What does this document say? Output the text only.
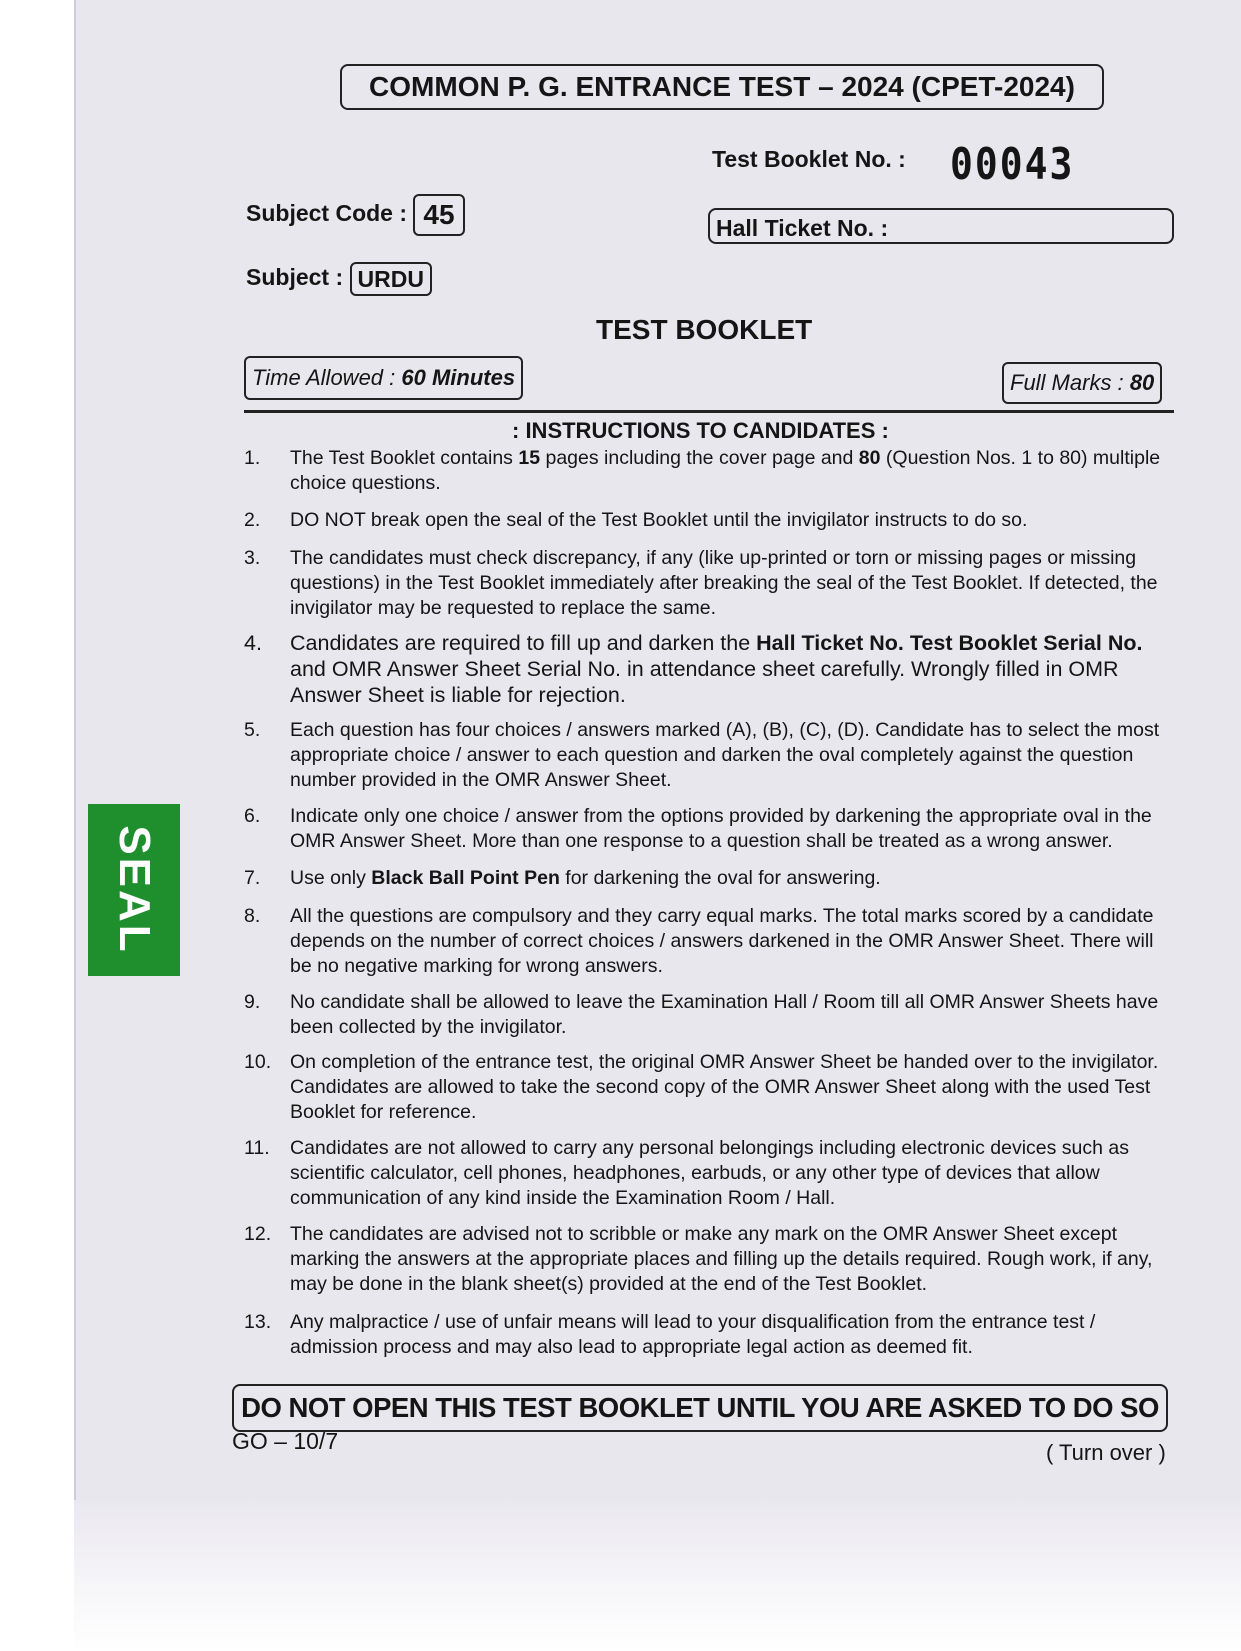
COMMON P. G. ENTRANCE TEST – 2024 (CPET-2024)
Test Booklet No. : 00043
Subject Code : 45	Hall Ticket No. :
Subject : URDU
TEST BOOKLET
Time Allowed : 60 Minutes	Full Marks : 80
: INSTRUCTIONS TO CANDIDATES :
SEAL
1.	The Test Booklet contains 15 pages including the cover page and 80 (Question Nos. 1 to 80) multiple choice questions.
2.	DO NOT break open the seal of the Test Booklet until the invigilator instructs to do so.
3.	The candidates must check discrepancy, if any (like up-printed or torn or missing pages or missing questions) in the Test Booklet immediately after breaking the seal of the Test Booklet. If detected, the invigilator may be requested to replace the same.
4.	Candidates are required to fill up and darken the Hall Ticket No. Test Booklet Serial No. and OMR Answer Sheet Serial No. in attendance sheet carefully. Wrongly filled in OMR Answer Sheet is liable for rejection.
5.	Each question has four choices / answers marked (A), (B), (C), (D). Candidate has to select the most appropriate choice / answer to each question and darken the oval completely against the question number provided in the OMR Answer Sheet.
6.	Indicate only one choice / answer from the options provided by darkening the appropriate oval in the OMR Answer Sheet. More than one response to a question shall be treated as a wrong answer.
7.	Use only Black Ball Point Pen for darkening the oval for answering.
8.	All the questions are compulsory and they carry equal marks. The total marks scored by a candidate depends on the number of correct choices / answers darkened in the OMR Answer Sheet. There will be no negative marking for wrong answers.
9.	No candidate shall be allowed to leave the Examination Hall / Room till all OMR Answer Sheets have been collected by the invigilator.
10. On completion of the entrance test, the original OMR Answer Sheet be handed over to the invigilator. Candidates are allowed to take the second copy of the OMR Answer Sheet along with the used Test Booklet for reference.
11.	Candidates are not allowed to carry any personal belongings including electronic devices such as scientific calculator, cell phones, headphones, earbuds, or any other type of devices that allow communication of any kind inside the Examination Room / Hall.
12. The candidates are advised not to scribble or make any mark on the OMR Answer Sheet except marking the answers at the appropriate places and filling up the details required. Rough work, if any, may be done in the blank sheet(s) provided at the end of the Test Booklet.
13. Any malpractice / use of unfair means will lead to your disqualification from the entrance test / admission process and may also lead to appropriate legal action as deemed fit.
DO NOT OPEN THIS TEST BOOKLET UNTIL YOU ARE ASKED TO DO SO
GO – 10/7	( Turn over )
